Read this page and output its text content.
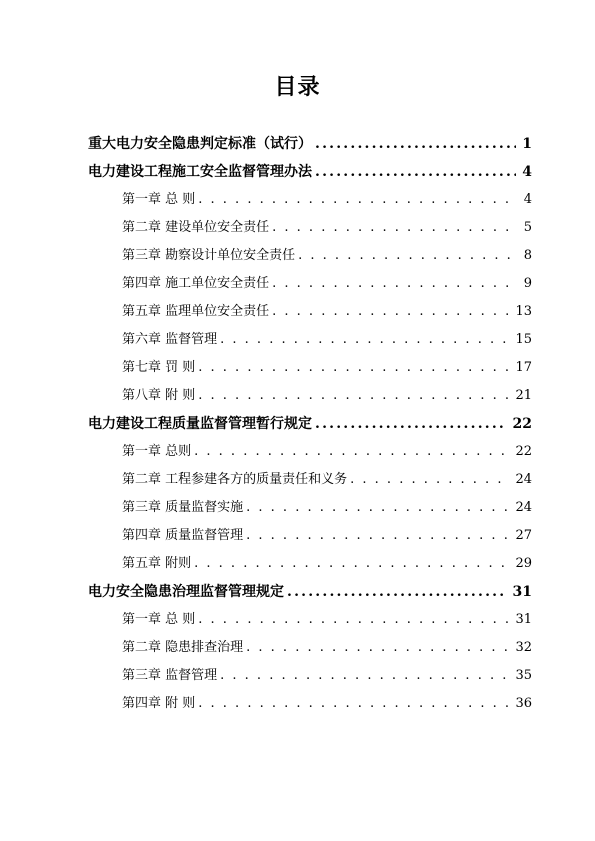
目录
重大电力安全隐患判定标准（试行） .....	1
电力建设工程施工安全监督管理办法 .....	4
第一章 总 则 . . .	4
第二章 建设单位安全责任 . . .	5
第三章 勘察设计单位安全责任 . . .	8
第四章 施工单位安全责任 . . .	9
第五章 监理单位安全责任 . . .	13
第六章 监督管理 . . .	15
第七章 罚 则 . . .	17
第八章 附 则 . . .	21
电力建设工程质量监督管理暂行规定 .....	22
第一章 总则 . . .	22
第二章 工程参建各方的质量责任和义务 . . .	24
第三章 质量监督实施 . . .	24
第四章 质量监督管理 . . .	27
第五章 附则 . . .	29
电力安全隐患治理监督管理规定 .....	31
第一章 总 则 . . .	31
第二章 隐患排查治理 . . .	32
第三章 监督管理 . . .	35
第四章 附 则 . . .	36
